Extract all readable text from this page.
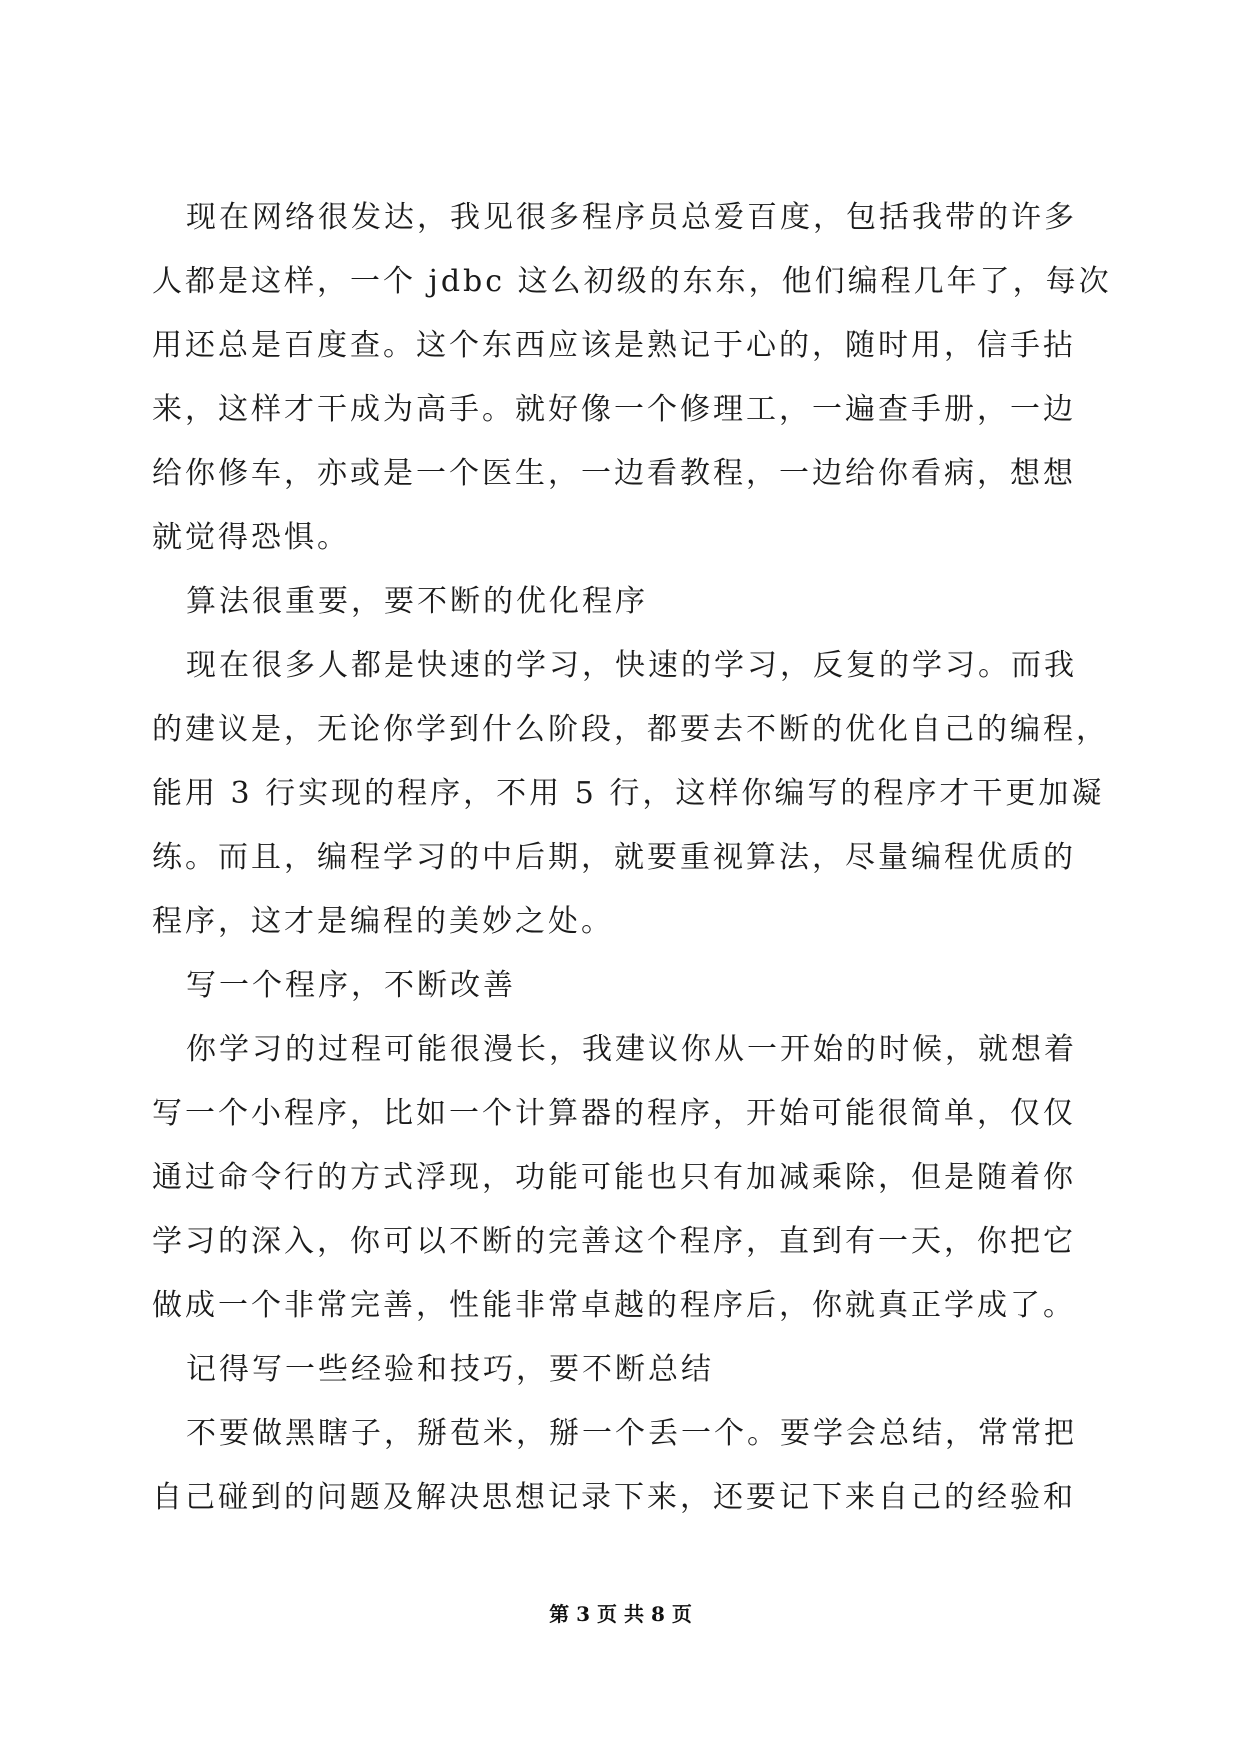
现在网络很发达，我见很多程序员总爱百度，包括我带的许多
人都是这样，一个 jdbc 这么初级的东东，他们编程几年了，每次
用还总是百度查。这个东西应该是熟记于心的，随时用，信手拈
来，这样才干成为高手。就好像一个修理工，一遍查手册，一边
给你修车，亦或是一个医生，一边看教程，一边给你看病，想想
就觉得恐惧。
算法很重要，要不断的优化程序
现在很多人都是快速的学习，快速的学习，反复的学习。而我
的建议是，无论你学到什么阶段，都要去不断的优化自己的编程，
能用 3 行实现的程序，不用 5 行，这样你编写的程序才干更加凝
练。而且，编程学习的中后期，就要重视算法，尽量编程优质的
程序，这才是编程的美妙之处。
写一个程序，不断改善
你学习的过程可能很漫长，我建议你从一开始的时候，就想着
写一个小程序，比如一个计算器的程序，开始可能很简单，仅仅
通过命令行的方式浮现，功能可能也只有加减乘除，但是随着你
学习的深入，你可以不断的完善这个程序，直到有一天，你把它
做成一个非常完善，性能非常卓越的程序后，你就真正学成了。
记得写一些经验和技巧，要不断总结
不要做黑瞎子，掰苞米，掰一个丢一个。要学会总结，常常把
自己碰到的问题及解决思想记录下来，还要记下来自己的经验和
第 3 页 共 8 页
